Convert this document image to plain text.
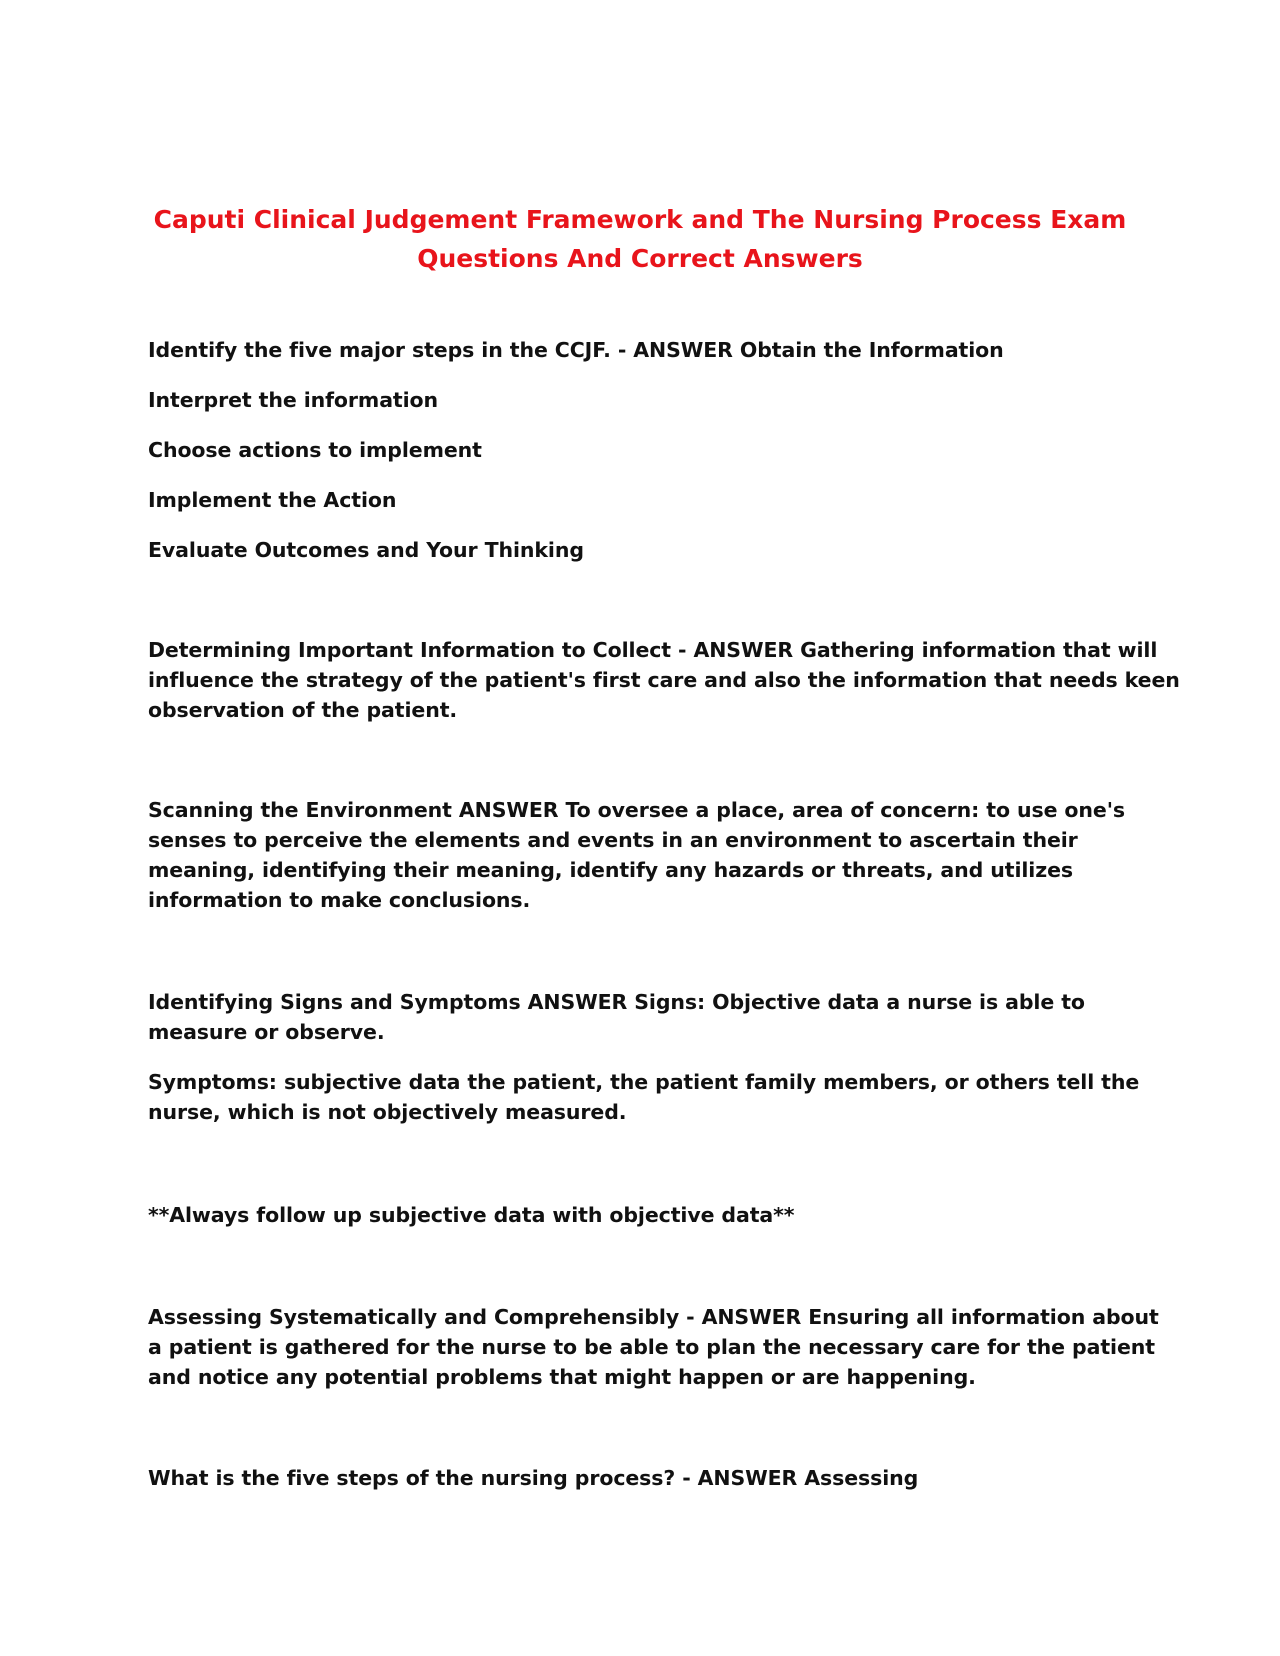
Caputi Clinical Judgement Framework and The Nursing Process Exam
Questions And Correct Answers

Identify the five major steps in the CCJF. - ANSWER Obtain the Information

Interpret the information

Choose actions to implement

Implement the Action

Evaluate Outcomes and Your Thinking

Determining Important Information to Collect - ANSWER Gathering information that will
influence the strategy of the patient's first care and also the information that needs keen
observation of the patient.

Scanning the Environment ANSWER To oversee a place, area of concern: to use one's
senses to perceive the elements and events in an environment to ascertain their
meaning, identifying their meaning, identify any hazards or threats, and utilizes
information to make conclusions.

Identifying Signs and Symptoms ANSWER Signs: Objective data a nurse is able to
measure or observe.

Symptoms: subjective data the patient, the patient family members, or others tell the
nurse, which is not objectively measured.

**Always follow up subjective data with objective data**

Assessing Systematically and Comprehensibly - ANSWER Ensuring all information about
a patient is gathered for the nurse to be able to plan the necessary care for the patient
and notice any potential problems that might happen or are happening.

What is the five steps of the nursing process? - ANSWER Assessing
